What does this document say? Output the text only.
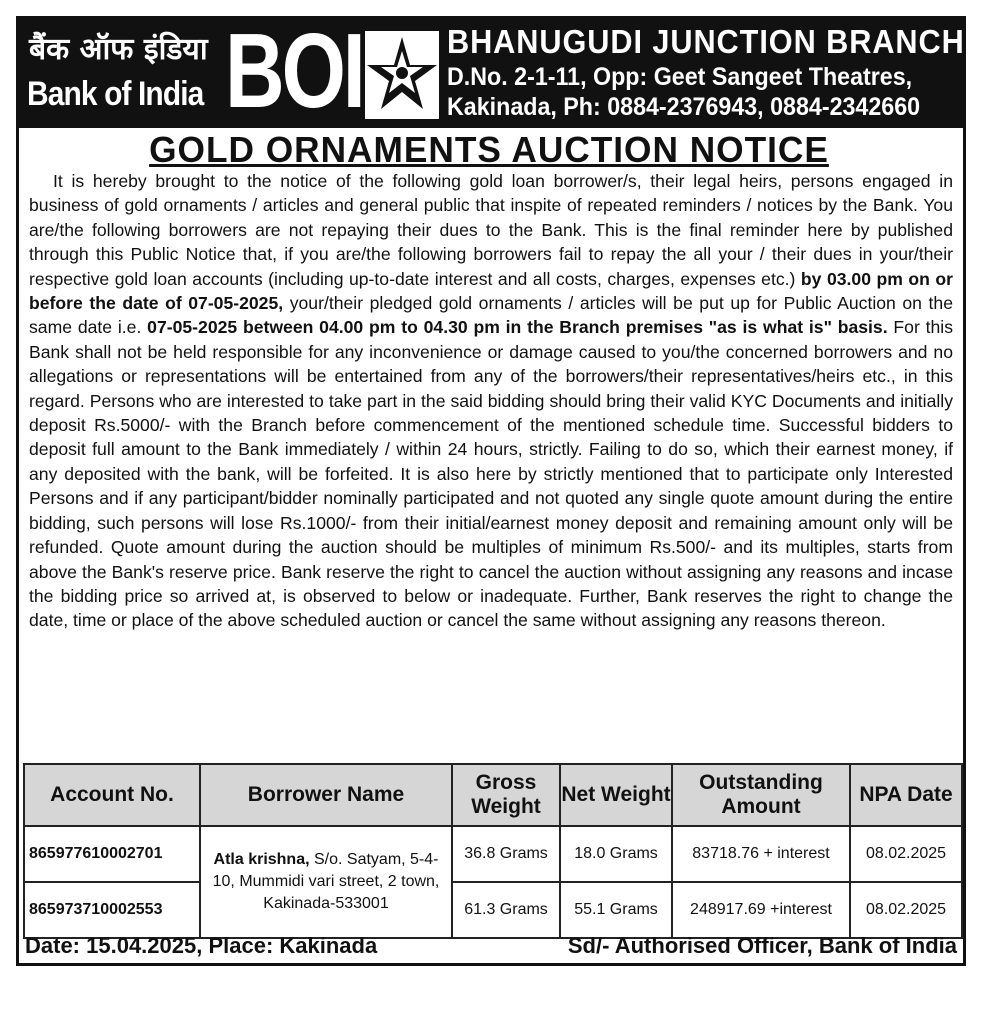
बैंक ऑफ इंडिया
Bank of India BOI	BHANUGUDI JUNCTION BRANCH
D.No. 2-1-11, Opp: Geet Sangeet Theatres,
Kakinada, Ph: 0884-2376943, 0884-2342660
GOLD ORNAMENTS AUCTION NOTICE
It is hereby brought to the notice of the following gold loan borrower/s, their legal heirs, persons engaged in business of gold ornaments / articles and general public that inspite of repeated reminders / notices by the Bank. You are/the following borrowers are not repaying their dues to the Bank. This is the final reminder here by published through this Public Notice that, if you are/the following borrowers fail to repay the all your / their dues in your/their respective gold loan accounts (including up-to-date interest and all costs, charges, expenses etc.) by 03.00 pm on or before the date of 07-05-2025, your/their pledged gold ornaments / articles will be put up for Public Auction on the same date i.e. 07-05-2025 between 04.00 pm to 04.30 pm in the Branch premises "as is what is" basis. For this Bank shall not be held responsible for any inconvenience or damage caused to you/the concerned borrowers and no allegations or representations will be entertained from any of the borrowers/their representatives/heirs etc., in this regard. Persons who are interested to take part in the said bidding should bring their valid KYC Documents and initially deposit Rs.5000/- with the Branch before commencement of the mentioned schedule time. Successful bidders to deposit full amount to the Bank immediately / within 24 hours, strictly. Failing to do so, which their earnest money, if any deposited with the bank, will be forfeited. It is also here by strictly mentioned that to participate only Interested Persons and if any participant/bidder nominally participated and not quoted any single quote amount during the entire bidding, such persons will lose Rs.1000/- from their initial/earnest money deposit and remaining amount only will be refunded. Quote amount during the auction should be multiples of minimum Rs.500/- and its multiples, starts from above the Bank's reserve price. Bank reserve the right to cancel the auction without assigning any reasons and incase the bidding price so arrived at, is observed to below or inadequate. Further, Bank reserves the right to change the date, time or place of the above scheduled auction or cancel the same without assigning any reasons thereon.
Account No.	Borrower Name	Gross Weight	Net Weight	Outstanding Amount	NPA Date
865977610002701	Atla krishna, S/o. Satyam, 5-4-10, Mummidi vari street, 2 town, Kakinada-533001	36.8 Grams	18.0 Grams	83718.76 + interest	08.02.2025
865973710002553		61.3 Grams	55.1 Grams	248917.69 +interest	08.02.2025
Date: 15.04.2025, Place: Kakinada	Sd/- Authorised Officer, Bank of India
